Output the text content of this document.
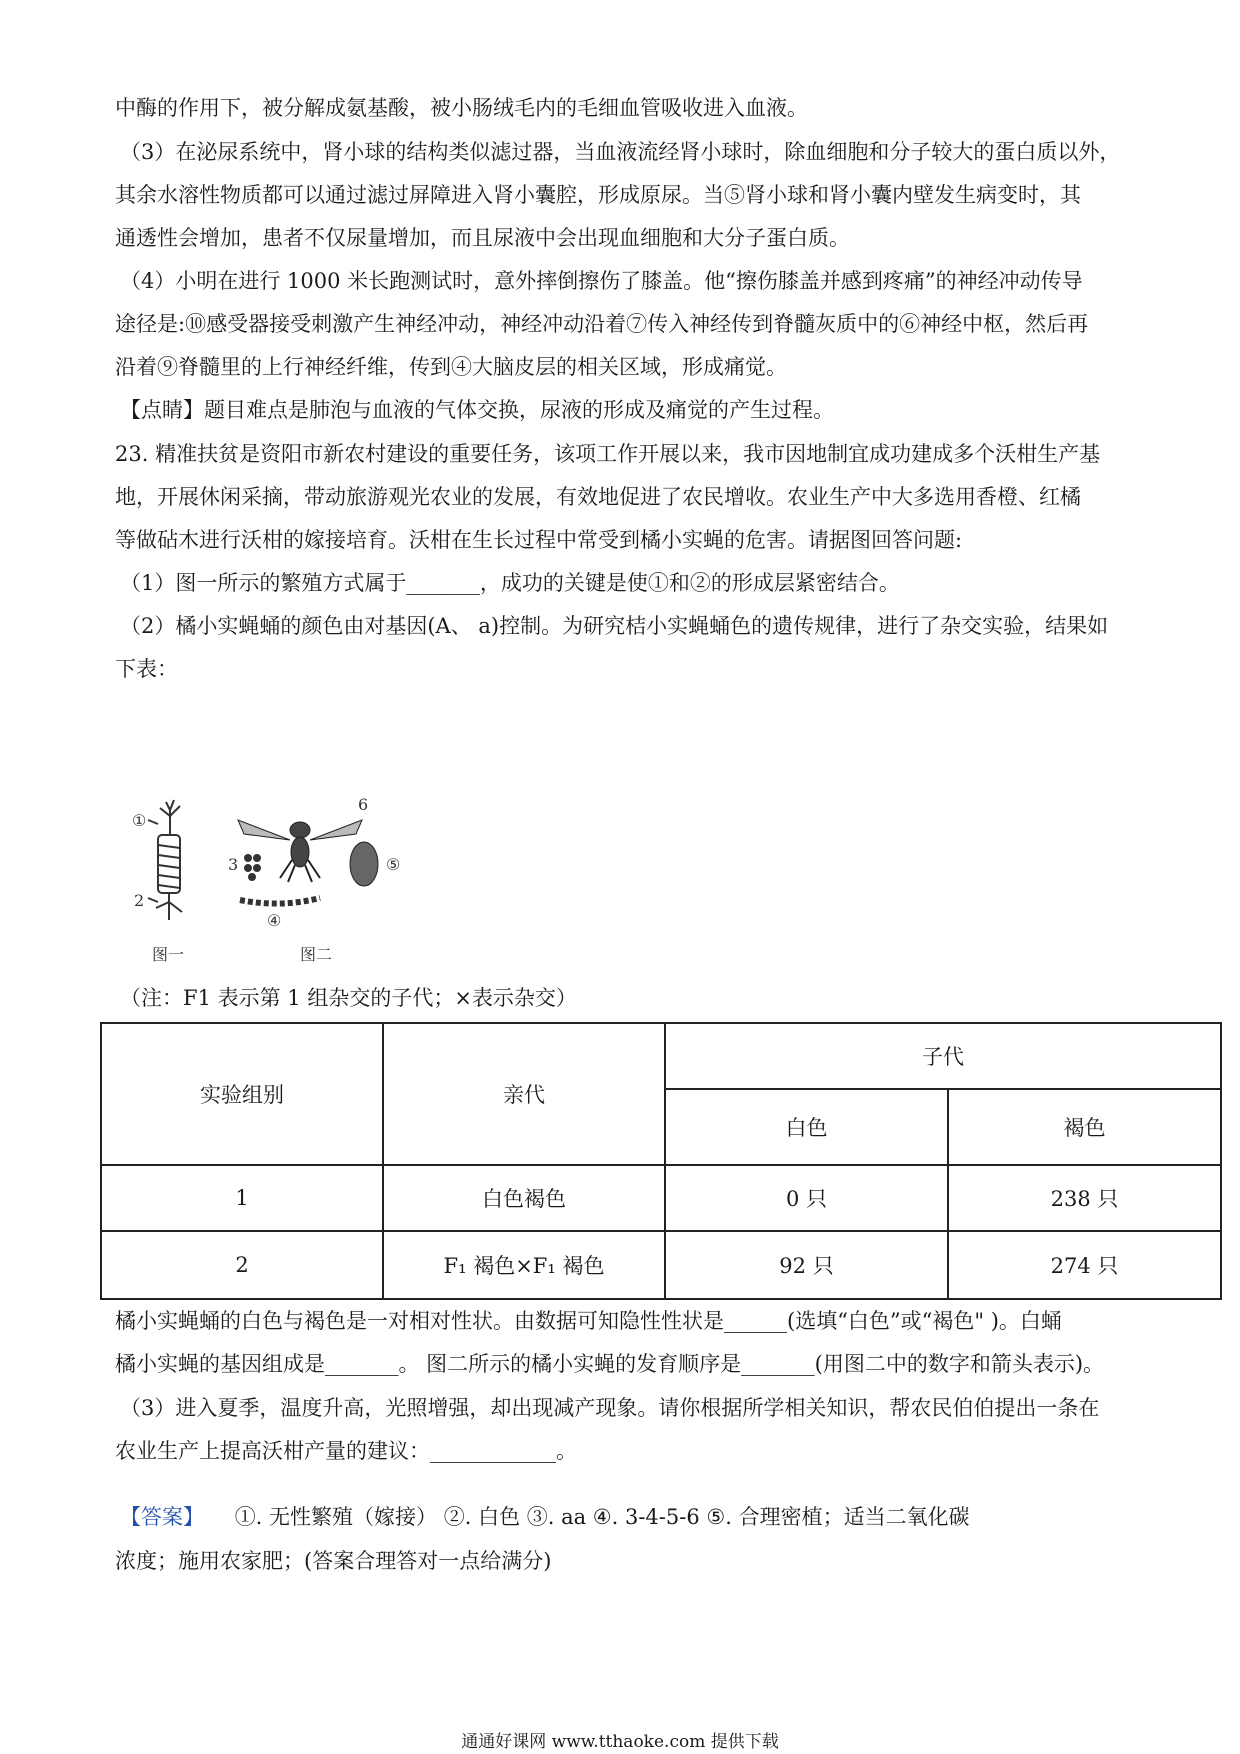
中酶的作用下，被分解成氨基酸，被小肠绒毛内的毛细血管吸收进入血液。
（3）在泌尿系统中，肾小球的结构类似滤过器，当血液流经肾小球时，除血细胞和分子较大的蛋白质以外，
其余水溶性物质都可以通过滤过屏障进入肾小囊腔，形成原尿。当⑤肾小球和肾小囊内壁发生病变时，其
通透性会增加，患者不仅尿量增加，而且尿液中会出现血细胞和大分子蛋白质。
（4）小明在进行 1000 米长跑测试时，意外摔倒擦伤了膝盖。他“擦伤膝盖并感到疼痛”的神经冲动传导
途径是:⑩感受器接受刺激产生神经冲动，神经冲动沿着⑦传入神经传到脊髓灰质中的⑥神经中枢，然后再
沿着⑨脊髓里的上行神经纤维，传到④大脑皮层的相关区域，形成痛觉。
【点睛】题目难点是肺泡与血液的气体交换，尿液的形成及痛觉的产生过程。
23. 精准扶贫是资阳市新农村建设的重要任务，该项工作开展以来，我市因地制宜成功建成多个沃柑生产基
地，开展休闲采摘，带动旅游观光农业的发展，有效地促进了农民增收。农业生产中大多选用香橙、红橘
等做砧木进行沃柑的嫁接培育。沃柑在生长过程中常受到橘小实蝇的危害。请据图回答问题:
（1）图一所示的繁殖方式属于_______，成功的关键是使①和②的形成层紧密结合。
（2）橘小实蝇蛹的颜色由对基因(A、 a)控制。为研究桔小实蝇蛹色的遗传规律，进行了杂交实验，结果如
下表：
①
2
3
④
⑤
6
图一	图二
（注：F1 表示第 1 组杂交的子代；×表示杂交）
实验组别	亲代	子代	
		白色	褐色
1	白色褐色	0 只	238 只
2	F₁ 褐色×F₁ 褐色	92 只	274 只
橘小实蝇蛹的白色与褐色是一对相对性状。由数据可知隐性性状是______(选填“白色”或“褐色" )。白蛹
橘小实蝇的基因组成是_______。 图二所示的橘小实蝇的发育顺序是_______(用图二中的数字和箭头表示)。
（3）进入夏季，温度升高，光照增强，却出现减产现象。请你根据所学相关知识，帮农民伯伯提出一条在
农业生产上提高沃柑产量的建议：____________。
【答案】 ①. 无性繁殖（嫁接） ②. 白色 ③. aa ④. 3-4-5-6 ⑤. 合理密植；适当二氧化碳
浓度；施用农家肥；(答案合理答对一点给满分)
通通好课网 www.tthaoke.com 提供下载
